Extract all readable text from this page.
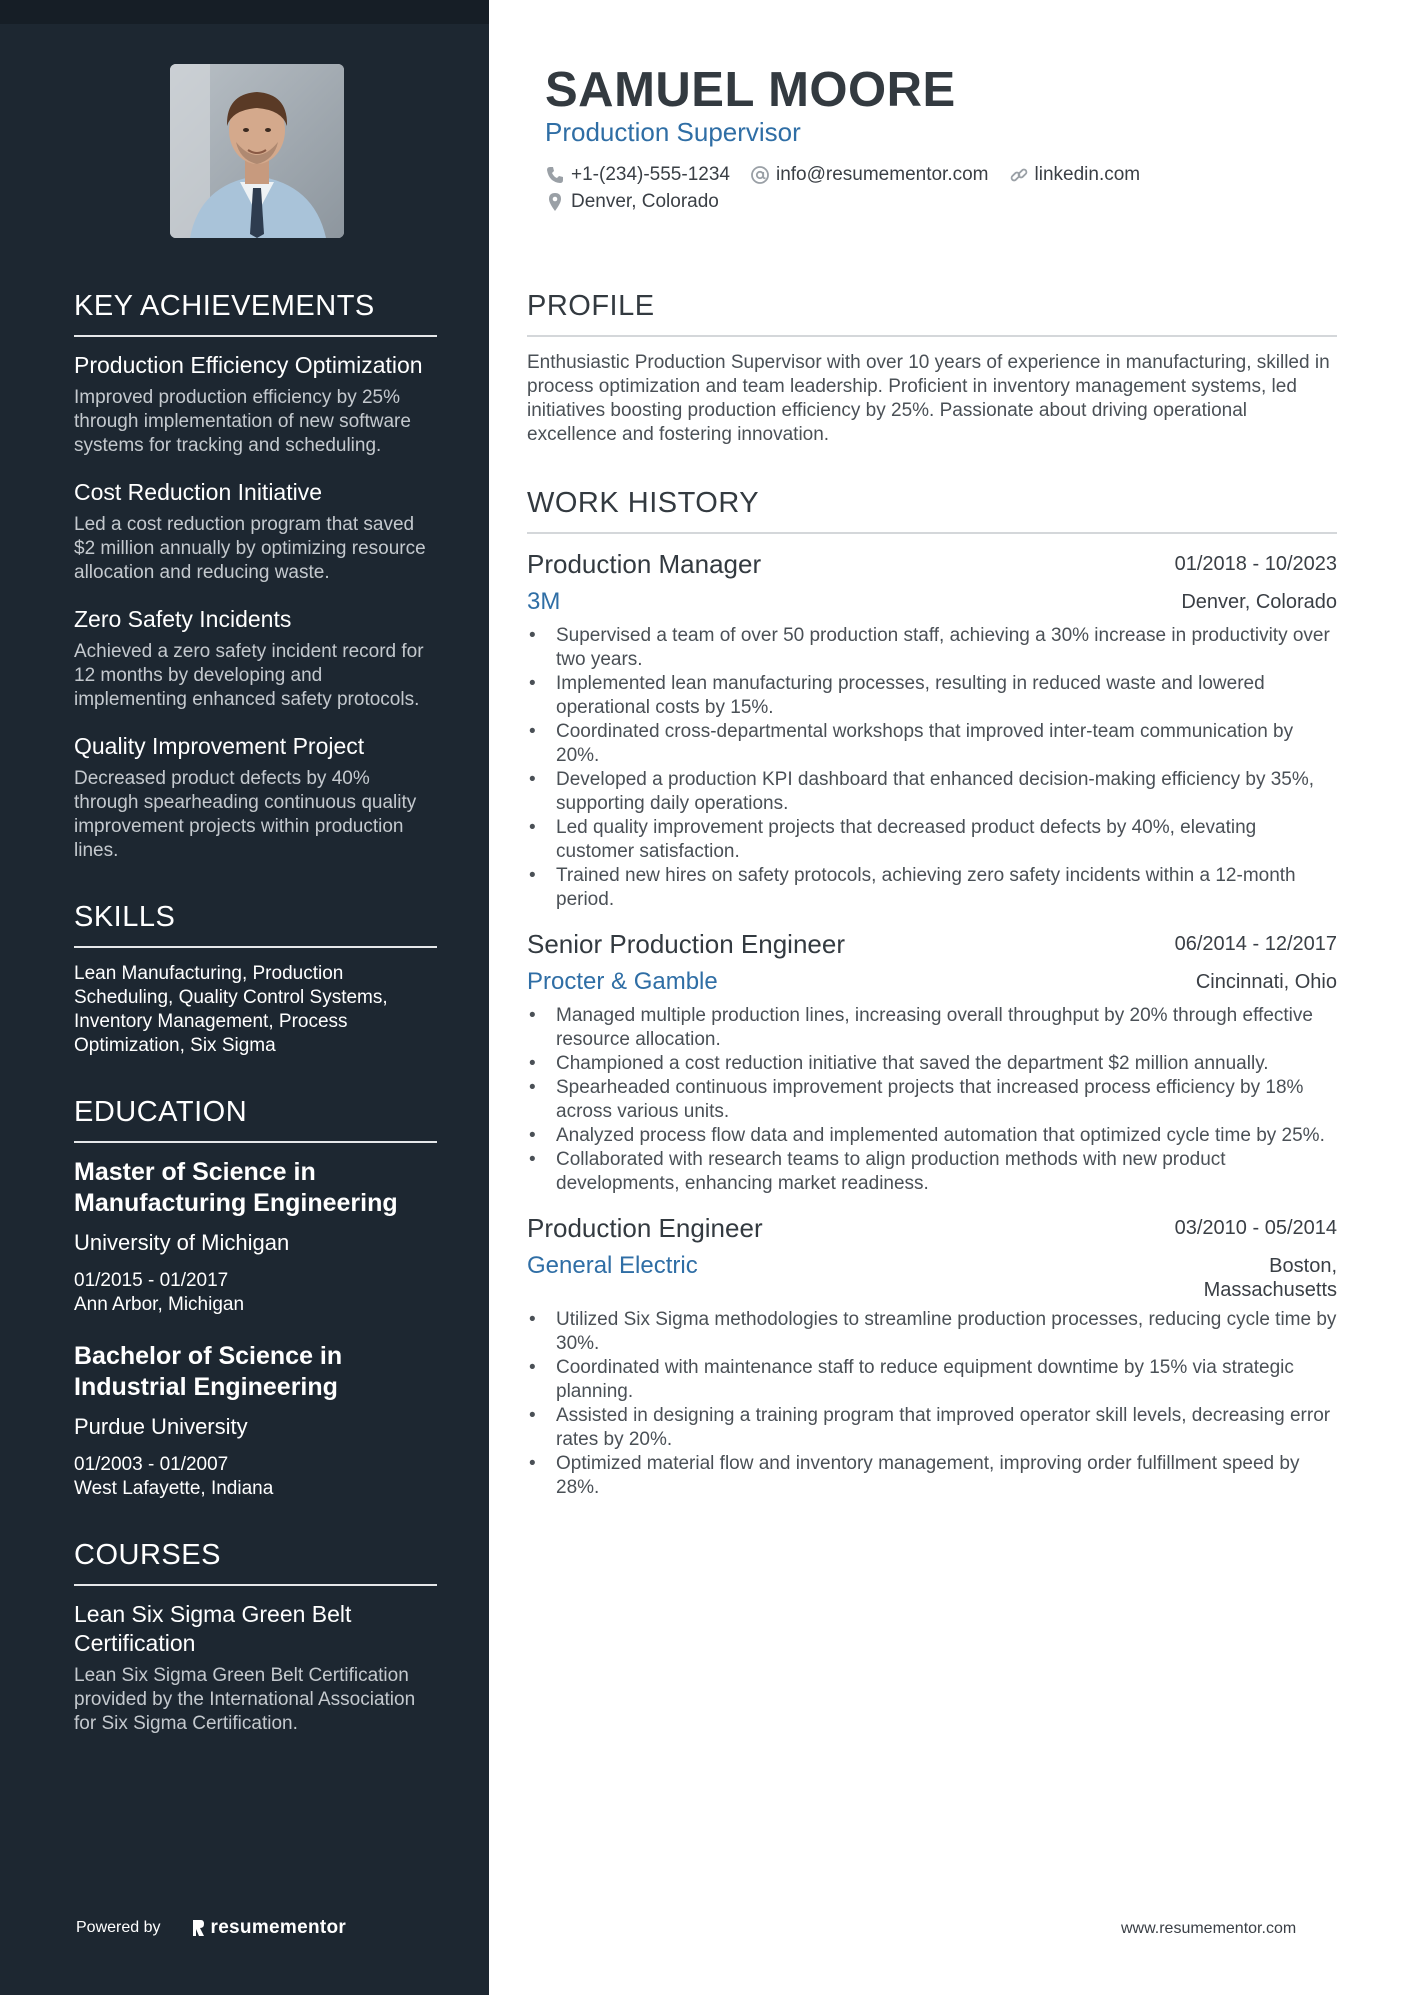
KEY ACHIEVEMENTS
Production Efficiency Optimization
Improved production efficiency by 25% through implementation of new software systems for tracking and scheduling.
Cost Reduction Initiative
Led a cost reduction program that saved $2 million annually by optimizing resource allocation and reducing waste.
Zero Safety Incidents
Achieved a zero safety incident record for 12 months by developing and implementing enhanced safety protocols.
Quality Improvement Project
Decreased product defects by 40% through spearheading continuous quality improvement projects within production lines.
SKILLS
Lean Manufacturing, Production Scheduling, Quality Control Systems, Inventory Management, Process Optimization, Six Sigma
EDUCATION
Master of Science in Manufacturing Engineering
University of Michigan
01/2015 - 01/2017
Ann Arbor, Michigan
Bachelor of Science in Industrial Engineering
Purdue University
01/2003 - 01/2007
West Lafayette, Indiana
COURSES
Lean Six Sigma Green Belt Certification
Lean Six Sigma Green Belt Certification provided by the International Association for Six Sigma Certification.
Powered by	resumementor
SAMUEL MOORE
Production Supervisor
+1-(234)-555-1234 info@resumementor.com linkedin.com
Denver, Colorado
PROFILE
Enthusiastic Production Supervisor with over 10 years of experience in manufacturing, skilled in process optimization and team leadership. Proficient in inventory management systems, led initiatives boosting production efficiency by 25%. Passionate about driving operational excellence and fostering innovation.
WORK HISTORY
Production Manager	01/2018 - 10/2023
3M	Denver, Colorado
• Supervised a team of over 50 production staff, achieving a 30% increase in productivity over two years.
• Implemented lean manufacturing processes, resulting in reduced waste and lowered operational costs by 15%.
• Coordinated cross-departmental workshops that improved inter-team communication by 20%.
• Developed a production KPI dashboard that enhanced decision-making efficiency by 35%, supporting daily operations.
• Led quality improvement projects that decreased product defects by 40%, elevating customer satisfaction.
• Trained new hires on safety protocols, achieving zero safety incidents within a 12-month period.
Senior Production Engineer	06/2014 - 12/2017
Procter & Gamble	Cincinnati, Ohio
• Managed multiple production lines, increasing overall throughput by 20% through effective resource allocation.
• Championed a cost reduction initiative that saved the department $2 million annually.
• Spearheaded continuous improvement projects that increased process efficiency by 18% across various units.
• Analyzed process flow data and implemented automation that optimized cycle time by 25%.
• Collaborated with research teams to align production methods with new product developments, enhancing market readiness.
Production Engineer	03/2010 - 05/2014
General Electric	Boston, Massachusetts
• Utilized Six Sigma methodologies to streamline production processes, reducing cycle time by 30%.
• Coordinated with maintenance staff to reduce equipment downtime by 15% via strategic planning.
• Assisted in designing a training program that improved operator skill levels, decreasing error rates by 20%.
• Optimized material flow and inventory management, improving order fulfillment speed by 28%.
www.resumementor.com
